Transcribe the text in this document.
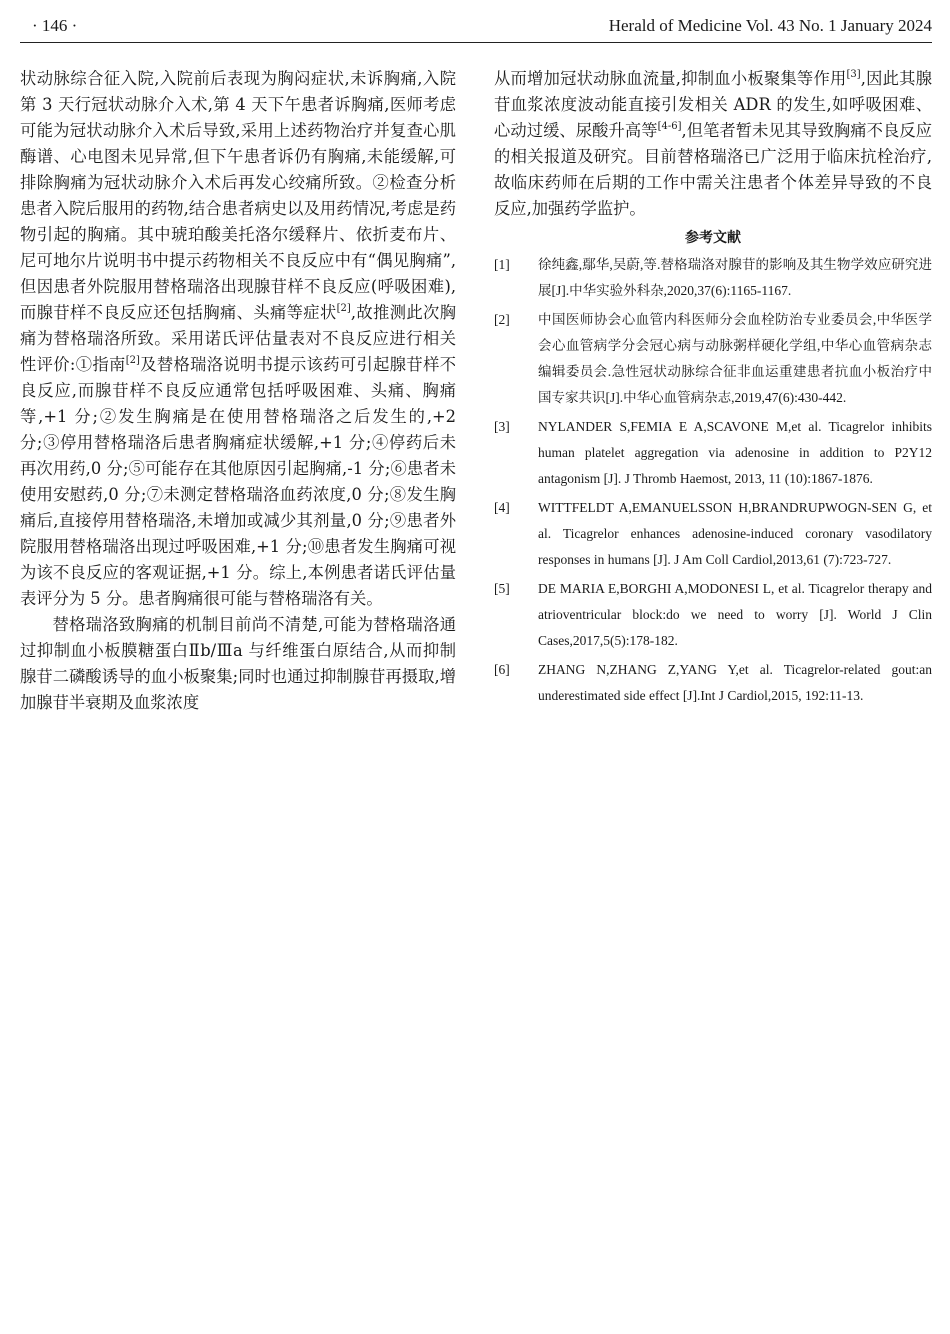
· 146 ·	Herald of Medicine Vol. 43 No. 1 January 2024

状动脉综合征入院,入院前后表现为胸闷症状,未诉胸痛,入院第 3 天行冠状动脉介入术,第 4 天下午患者诉胸痛,医师考虑可能为冠状动脉介入术后导致,采用上述药物治疗并复查心肌酶谱、心电图未见异常,但下午患者诉仍有胸痛,未能缓解,可排除胸痛为冠状动脉介入术后再发心绞痛所致。②检查分析患者入院后服用的药物,结合患者病史以及用药情况,考虑是药物引起的胸痛。其中琥珀酸美托洛尔缓释片、依折麦布片、尼可地尔片说明书中提示药物相关不良反应中有“偶见胸痛”,但因患者外院服用替格瑞洛出现腺苷样不良反应(呼吸困难),而腺苷样不良反应还包括胸痛、头痛等症状[2],故推测此次胸痛为替格瑞洛所致。采用诺氏评估量表对不良反应进行相关性评价:①指南[2]及替格瑞洛说明书提示该药可引起腺苷样不良反应,而腺苷样不良反应通常包括呼吸困难、头痛、胸痛等,+1 分;②发生胸痛是在使用替格瑞洛之后发生的,+2 分;③停用替格瑞洛后患者胸痛症状缓解,+1 分;④停药后未再次用药,0 分;⑤可能存在其他原因引起胸痛,-1 分;⑥患者未使用安慰药,0 分;⑦未测定替格瑞洛血药浓度,0 分;⑧发生胸痛后,直接停用替格瑞洛,未增加或减少其剂量,0 分;⑨患者外院服用替格瑞洛出现过呼吸困难,+1 分;⑩患者发生胸痛可视为该不良反应的客观证据,+1 分。综上,本例患者诺氏评估量表评分为 5 分。患者胸痛很可能与替格瑞洛有关。

替格瑞洛致胸痛的机制目前尚不清楚,可能为替格瑞洛通过抑制血小板膜糖蛋白Ⅱb/Ⅲa 与纤维蛋白原结合,从而抑制腺苷二磷酸诱导的血小板聚集;同时也通过抑制腺苷再摄取,增加腺苷半衰期及血浆浓度

从而增加冠状动脉血流量,抑制血小板聚集等作用[3],因此其腺苷血浆浓度波动能直接引发相关 ADR 的发生,如呼吸困难、心动过缓、尿酸升高等[4-6],但笔者暂未见其导致胸痛不良反应的相关报道及研究。目前替格瑞洛已广泛用于临床抗栓治疗,故临床药师在后期的工作中需关注患者个体差异导致的不良反应,加强药学监护。

参考文献
[1] 徐纯鑫,鄢华,吴蔚,等.替格瑞洛对腺苷的影响及其生物学效应研究进展[J].中华实验外科杂,2020,37(6):1165-1167.
[2] 中国医师协会心血管内科医师分会血栓防治专业委员会,中华医学会心血管病学分会冠心病与动脉粥样硬化学组,中华心血管病杂志编辑委员会.急性冠状动脉综合征非血运重建患者抗血小板治疗中国专家共识[J].中华心血管病杂志,2019,47(6):430-442.
[3] NYLANDER S,FEMIA E A,SCAVONE M,et al. Ticagrelor inhibits human platelet aggregation via adenosine in addition to P2Y12 antagonism [J]. J Thromb Haemost, 2013, 11 (10):1867-1876.
[4] WITTFELDT A,EMANUELSSON H,BRANDRUPWOGN-SEN G, et al. Ticagrelor enhances adenosine-induced coronary vasodilatory responses in humans [J]. J Am Coll Cardiol,2013,61 (7):723-727.
[5] DE MARIA E,BORGHI A,MODONESI L, et al. Ticagrelor therapy and atrioventricular block:do we need to worry [J]. World J Clin Cases,2017,5(5):178-182.
[6] ZHANG N,ZHANG Z,YANG Y,et al. Ticagrelor-related gout:an underestimated side effect [J].Int J Cardiol,2015, 192:11-13.
